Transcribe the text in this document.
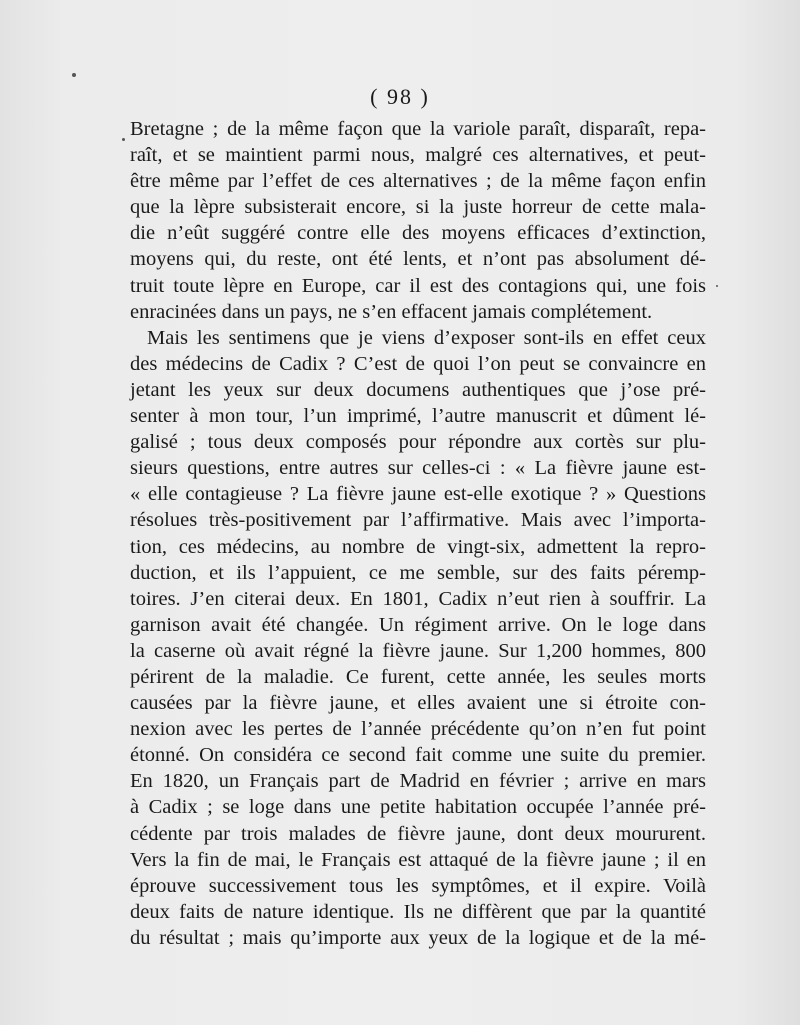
( 98 )
Bretagne ; de la même façon que la variole paraît, disparaît, repa-
raît, et se maintient parmi nous, malgré ces alternatives, et peut-
être même par l’effet de ces alternatives ; de la même façon enfin
que la lèpre subsisterait encore, si la juste horreur de cette mala-
die n’eût suggéré contre elle des moyens efficaces d’extinction,
moyens qui, du reste, ont été lents, et n’ont pas absolument dé-
truit toute lèpre en Europe, car il est des contagions qui, une fois
enracinées dans un pays, ne s’en effacent jamais complétement.
Mais les sentimens que je viens d’exposer sont-ils en effet ceux
des médecins de Cadix ? C’est de quoi l’on peut se convaincre en
jetant les yeux sur deux documens authentiques que j’ose pré-
senter à mon tour, l’un imprimé, l’autre manuscrit et dûment lé-
galisé ; tous deux composés pour répondre aux cortès sur plu-
sieurs questions, entre autres sur celles-ci : « La fièvre jaune est-
« elle contagieuse ? La fièvre jaune est-elle exotique ? » Questions
résolues très-positivement par l’affirmative. Mais avec l’importa-
tion, ces médecins, au nombre de vingt-six, admettent la repro-
duction, et ils l’appuient, ce me semble, sur des faits péremp-
toires. J’en citerai deux. En 1801, Cadix n’eut rien à souffrir. La
garnison avait été changée. Un régiment arrive. On le loge dans
la caserne où avait régné la fièvre jaune. Sur 1,200 hommes, 800
périrent de la maladie. Ce furent, cette année, les seules morts
causées par la fièvre jaune, et elles avaient une si étroite con-
nexion avec les pertes de l’année précédente qu’on n’en fut point
étonné. On considéra ce second fait comme une suite du premier.
En 1820, un Français part de Madrid en février ; arrive en mars
à Cadix ; se loge dans une petite habitation occupée l’année pré-
cédente par trois malades de fièvre jaune, dont deux moururent.
Vers la fin de mai, le Français est attaqué de la fièvre jaune ; il en
éprouve successivement tous les symptômes, et il expire. Voilà
deux faits de nature identique. Ils ne diffèrent que par la quantité
du résultat ; mais qu’importe aux yeux de la logique et de la mé-
